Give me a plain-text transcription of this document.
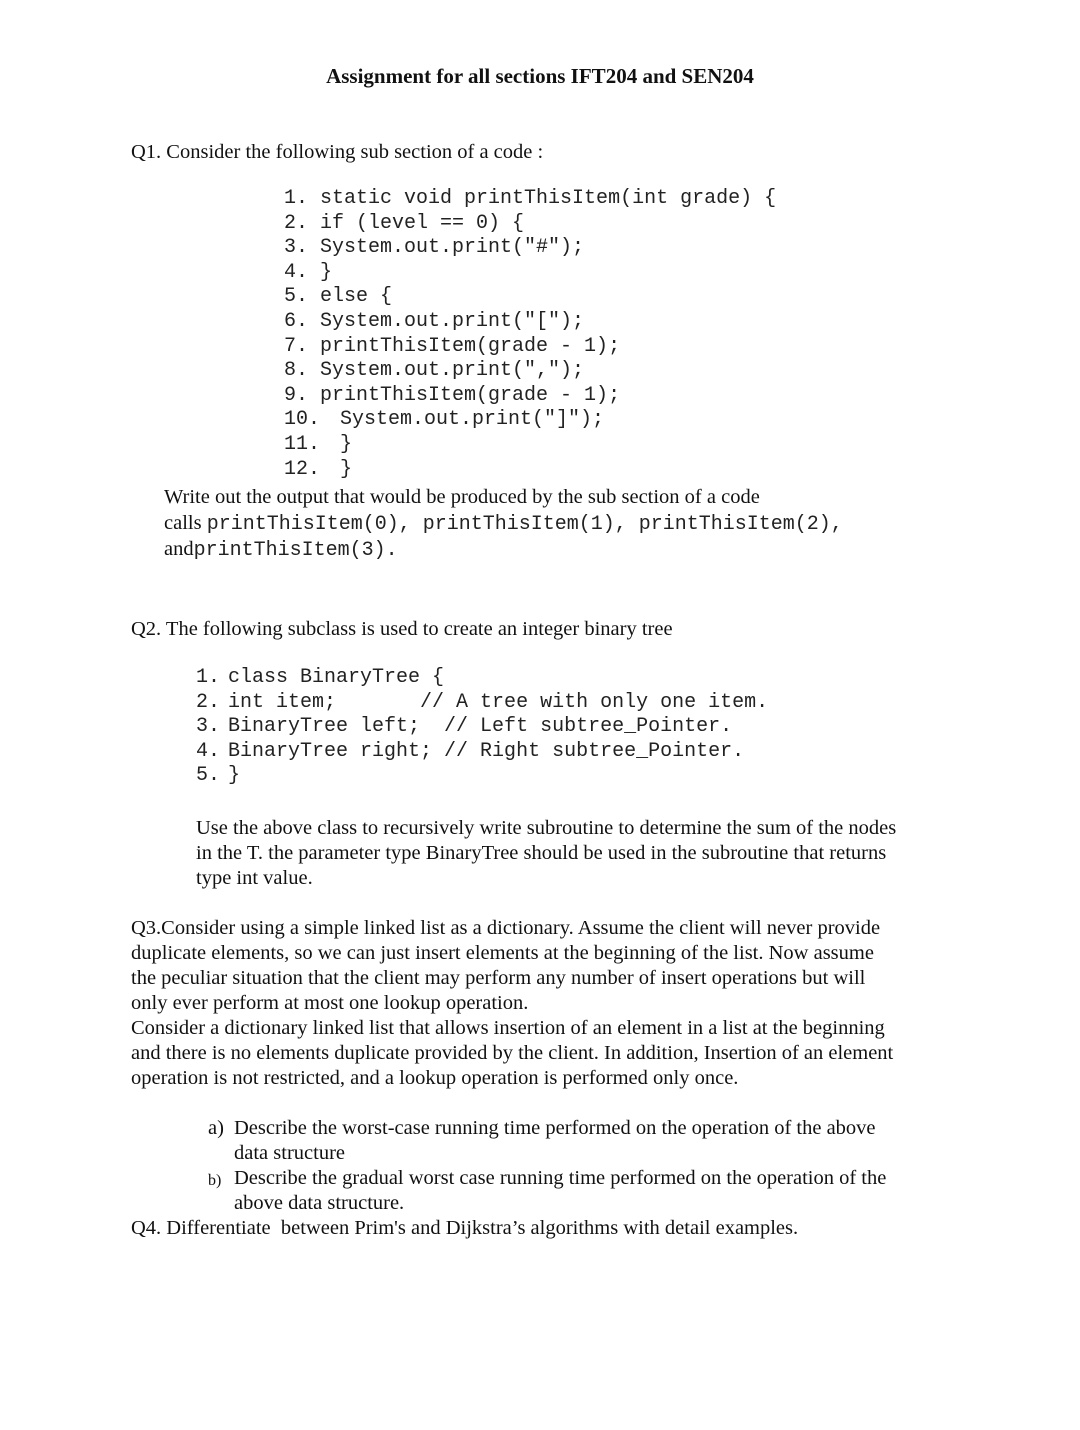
Assignment for all sections IFT204 and SEN204
Q1. Consider the following sub section of a code :
1. static void printThisItem(int grade) {
2. if (level == 0) {
3. System.out.print("#");
4. }
5. else {
6. System.out.print("[");
7. printThisItem(grade - 1);
8. System.out.print(",");
9. printThisItem(grade - 1);
10. System.out.print("]");
11. }
12. }
Write out the output that would be produced by the sub section of a code
calls printThisItem(0), printThisItem(1), printThisItem(2),
andprintThisItem(3).
Q2. The following subclass is used to create an integer binary tree
1. class BinaryTree {
2. int item;       // A tree with only one item.
3. BinaryTree left;  // Left subtree_Pointer.
4. BinaryTree right; // Right subtree_Pointer.
5. }
Use the above class to recursively write subroutine to determine the sum of the nodes
in the T. the parameter type BinaryTree should be used in the subroutine that returns
type int value.
Q3.Consider using a simple linked list as a dictionary. Assume the client will never provide
duplicate elements, so we can just insert elements at the beginning of the list. Now assume
the peculiar situation that the client may perform any number of insert operations but will
only ever perform at most one lookup operation.
Consider a dictionary linked list that allows insertion of an element in a list at the beginning
and there is no elements duplicate provided by the client. In addition, Insertion of an element
operation is not restricted, and a lookup operation is performed only once.
a) Describe the worst-case running time performed on the operation of the above
data structure
b) Describe the gradual worst case running time performed on the operation of the
above data structure.
Q4. Differentiate  between Prim's and Dijkstra’s algorithms with detail examples.
